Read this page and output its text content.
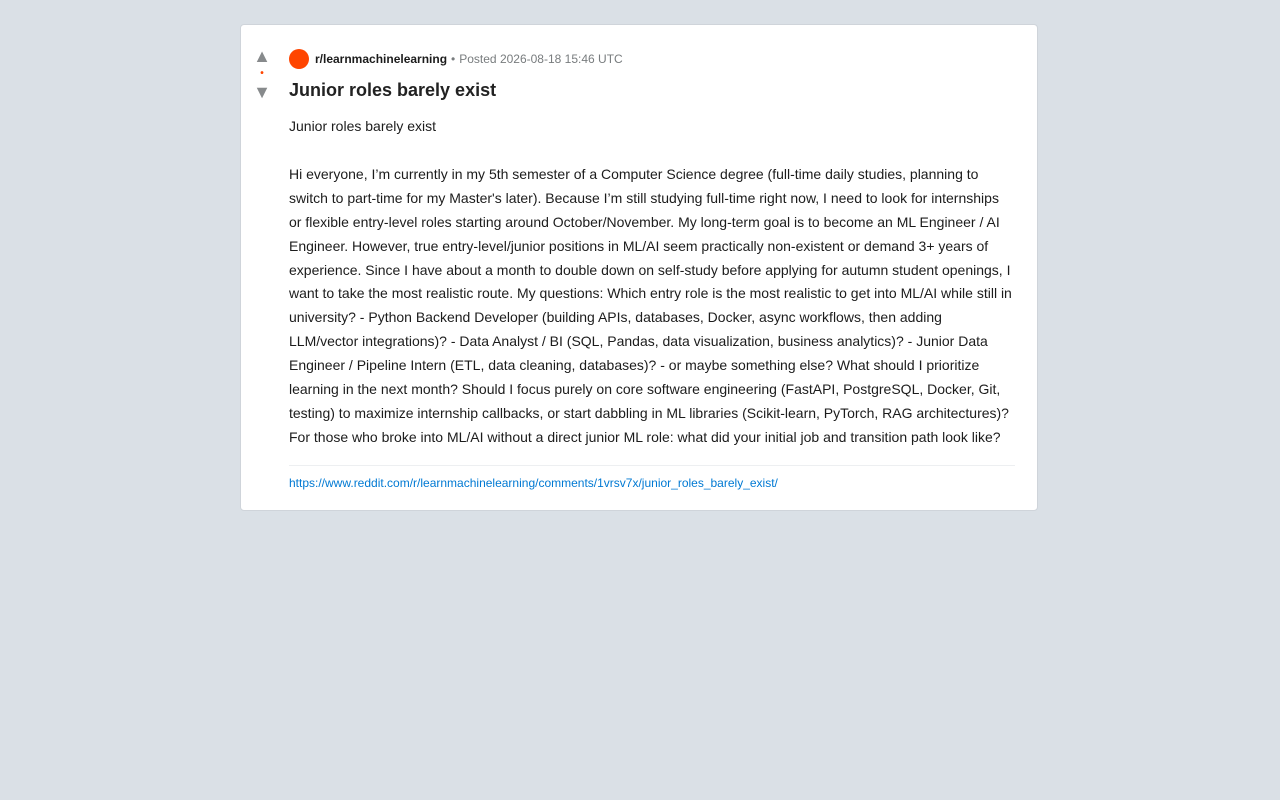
▲
•
▼
r/learnmachinelearning • Posted 2026-08-18 15:46 UTC
Junior roles barely exist

Junior roles barely exist

Hi everyone, I’m currently in my 5th semester of a Computer Science degree (full-time daily studies, planning to switch to part-time for my Master's later). Because I’m still studying full-time right now, I need to look for internships or flexible entry-level roles starting around October/November. My long-term goal is to become an ML Engineer / AI Engineer. However, true entry-level/junior positions in ML/AI seem practically non-existent or demand 3+ years of experience. Since I have about a month to double down on self-study before applying for autumn student openings, I want to take the most realistic route. My questions: Which entry role is the most realistic to get into ML/AI while still in university? - Python Backend Developer (building APIs, databases, Docker, async workflows, then adding LLM/vector integrations)? - Data Analyst / BI (SQL, Pandas, data visualization, business analytics)? - Junior Data Engineer / Pipeline Intern (ETL, data cleaning, databases)? - or maybe something else? What should I prioritize learning in the next month? Should I focus purely on core software engineering (FastAPI, PostgreSQL, Docker, Git, testing) to maximize internship callbacks, or start dabbling in ML libraries (Scikit-learn, PyTorch, RAG architectures)? For those who broke into ML/AI without a direct junior ML role: what did your initial job and transition path look like?

https://www.reddit.com/r/learnmachinelearning/comments/1vrsv7x/junior_roles_barely_exist/
